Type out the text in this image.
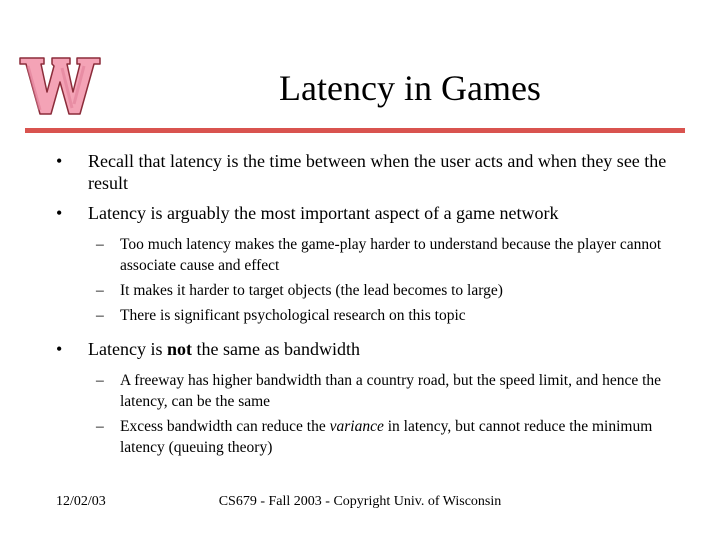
Latency in Games

• Recall that latency is the time between when the user acts and when they see the result

• Latency is arguably the most important aspect of a game network

– Too much latency makes the game-play harder to understand because the player cannot associate cause and effect

– It makes it harder to target objects (the lead becomes to large)

– There is significant psychological research on this topic

• Latency is not the same as bandwidth

– A freeway has higher bandwidth than a country road, but the speed limit, and hence the latency, can be the same

– Excess bandwidth can reduce the variance in latency, but cannot reduce the minimum latency (queuing theory)

12/02/03	CS679 - Fall 2003 - Copyright Univ. of Wisconsin
